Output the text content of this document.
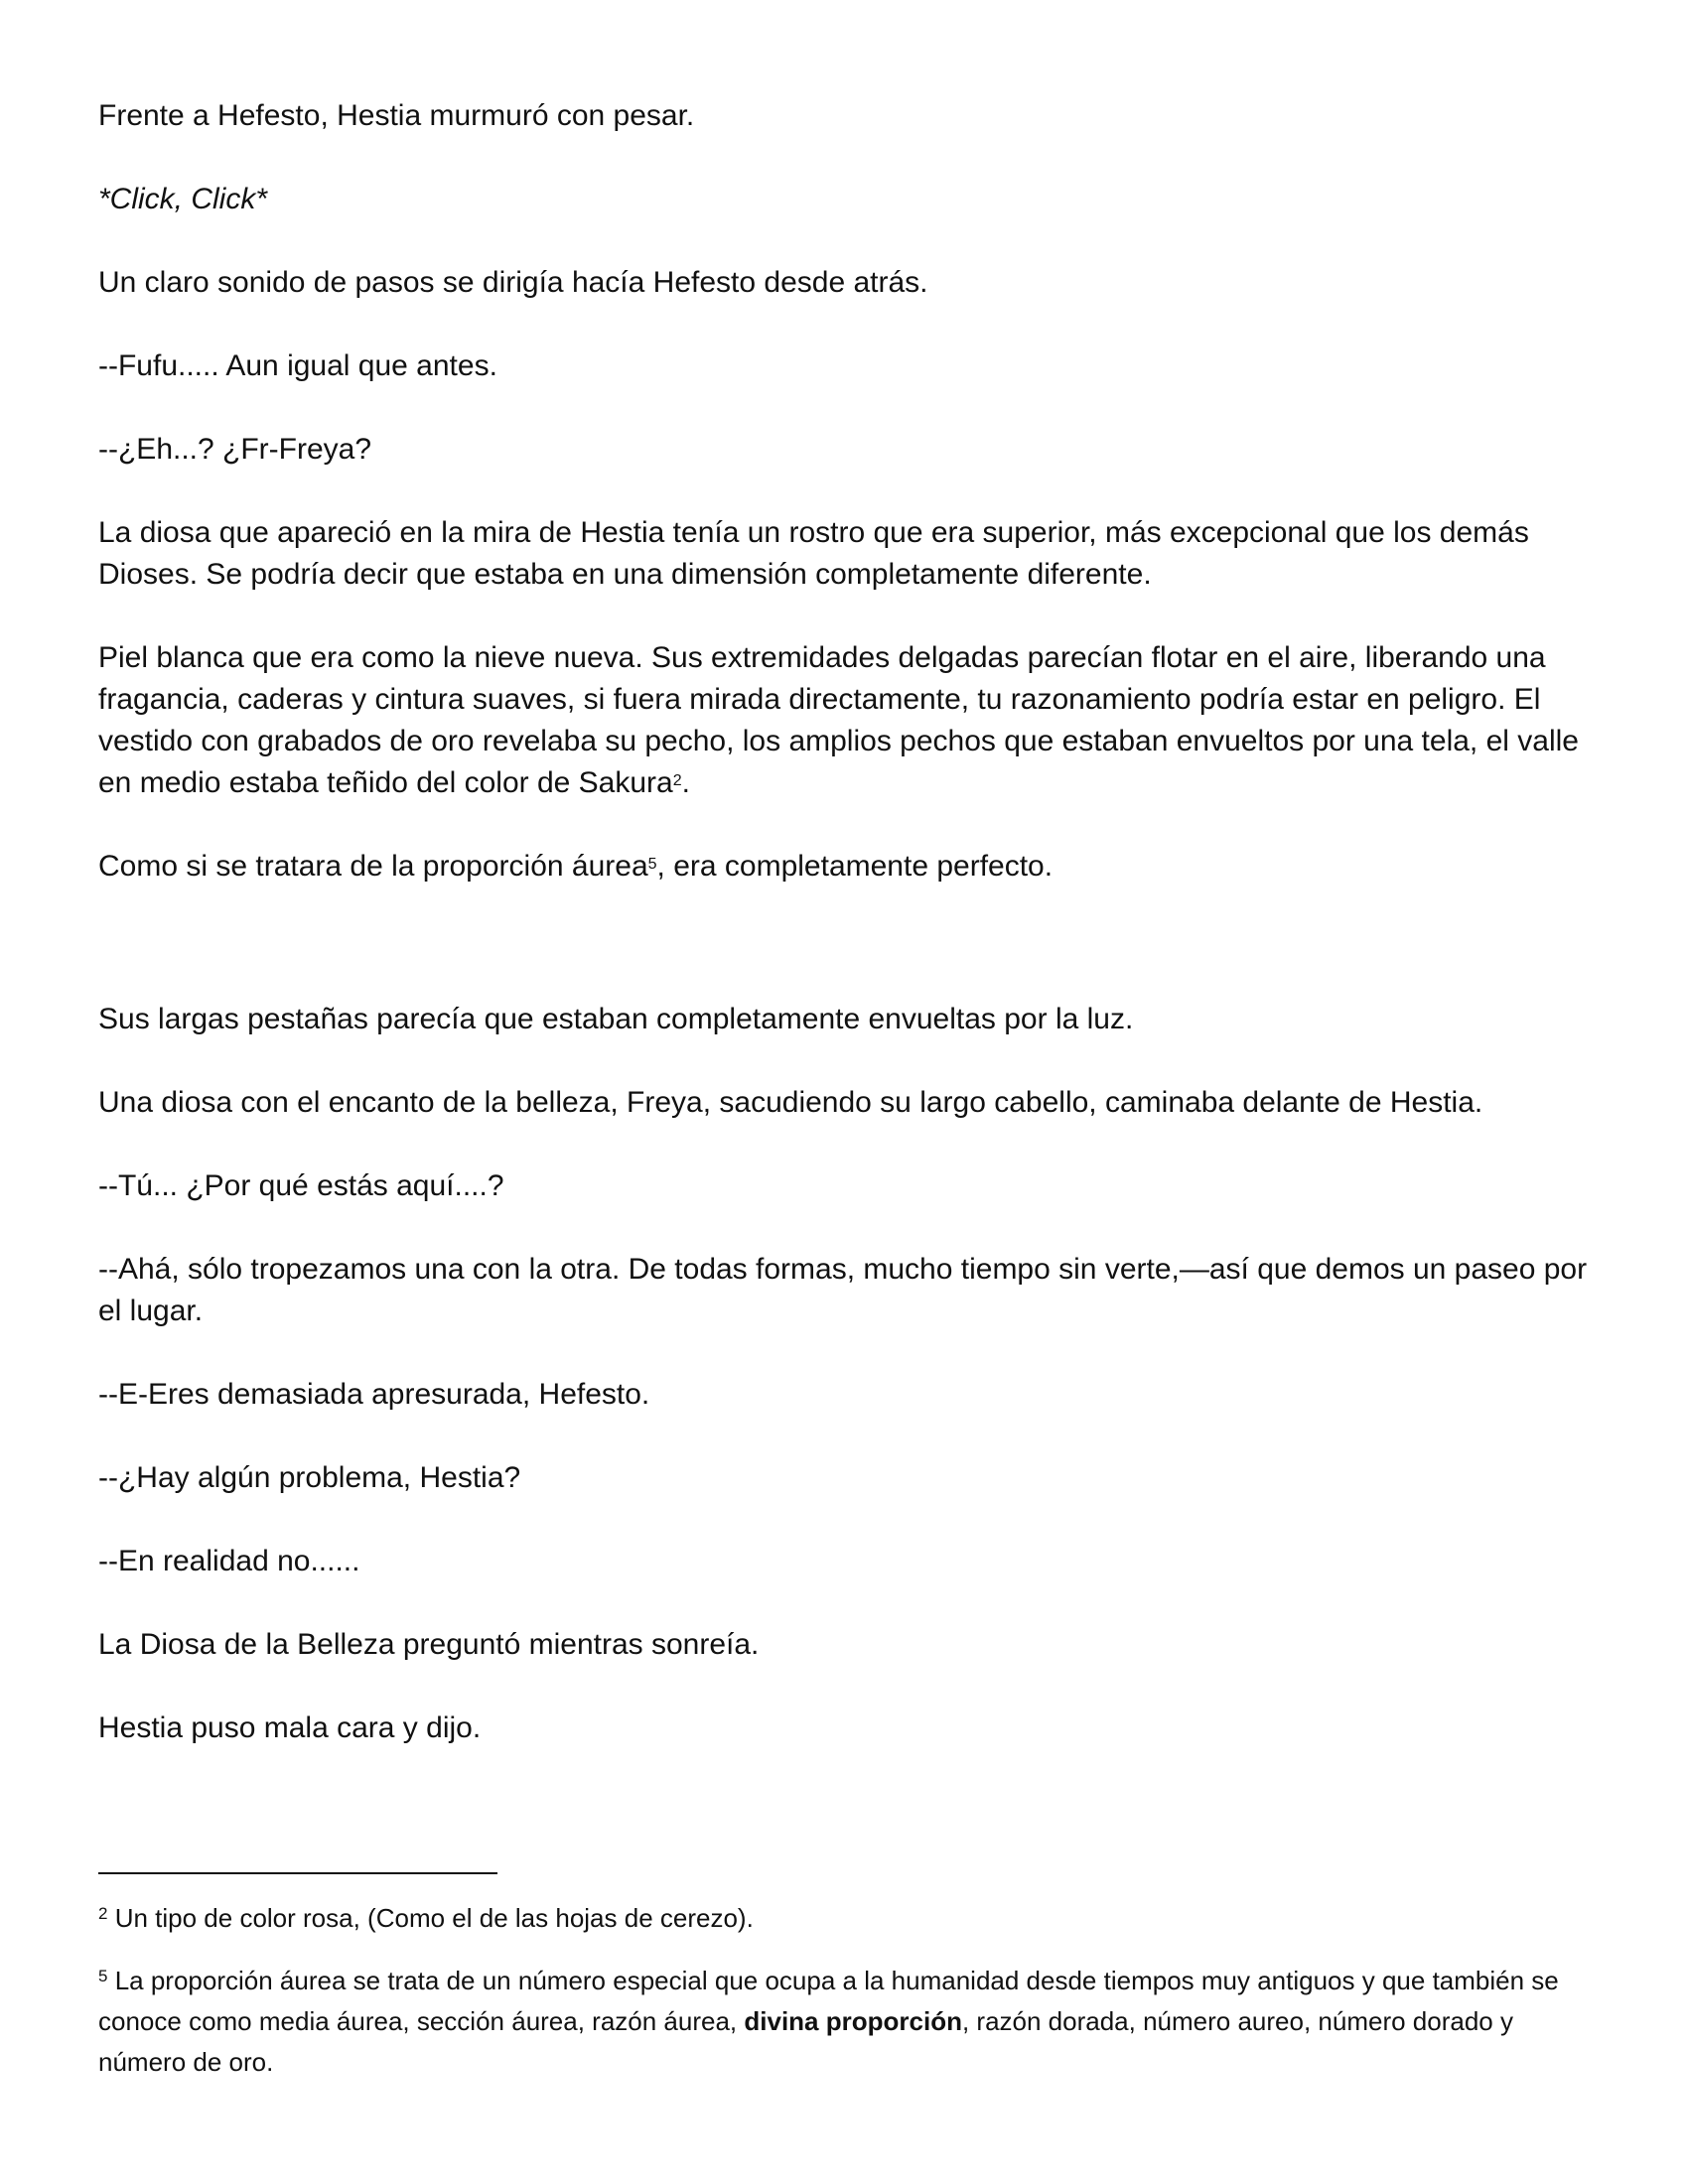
Frente a Hefesto, Hestia murmuró con pesar.

*Click, Click*

Un claro sonido de pasos se dirigía hacía Hefesto desde atrás.

--Fufu..... Aun igual que antes.

--¿Eh...? ¿Fr-Freya?

La diosa que apareció en la mira de Hestia tenía un rostro que era superior, más excepcional que los demás Dioses. Se podría decir que estaba en una dimensión completamente diferente.

Piel blanca que era como la nieve nueva. Sus extremidades delgadas parecían flotar en el aire, liberando una fragancia, caderas y cintura suaves, si fuera mirada directamente, tu razonamiento podría estar en peligro. El vestido con grabados de oro revelaba su pecho, los amplios pechos que estaban envueltos por una tela, el valle en medio estaba teñido del color de Sakura$^2$.

Como si se tratara de la proporción áurea$^5$, era completamente perfecto.

Sus largas pestañas parecía que estaban completamente envueltas por la luz.

Una diosa con el encanto de la belleza, Freya, sacudiendo su largo cabello, caminaba delante de Hestia.

--Tú... ¿Por qué estás aquí....?

--Ahá, sólo tropezamos una con la otra. De todas formas, mucho tiempo sin verte,—así que demos un paseo por el lugar.

--E-Eres demasiada apresurada, Hefesto.

--¿Hay algún problema, Hestia?

--En realidad no......

La Diosa de la Belleza preguntó mientras sonreía.

Hestia puso mala cara y dijo.

$^2$ Un tipo de color rosa, (Como el de las hojas de cerezo).

$^5$ La proporción áurea se trata de un número especial que ocupa a la humanidad desde tiempos muy antiguos y que también se conoce como media áurea, sección áurea, razón áurea, divina proporción, razón dorada, número aureo, número dorado y número de oro.
